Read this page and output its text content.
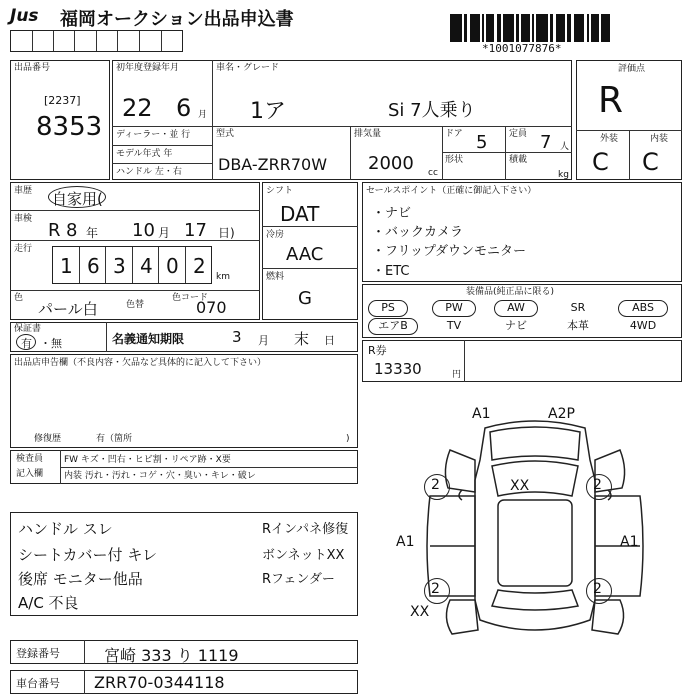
Jus 福岡オークション出品申込書
*1001077876*
出品番号
[2237]
8353
初年度登録年月
22 6 月
車名・グレード
1ア	Si 7人乗り
ディーラー・並 行
モデル年式 年
ハンドル 左・右
型式
DBA-ZRR70W
排気量
2000 cc
ドア 5
形状
定員 7 人
積載
kg
評価点
R
外装
C
内装
C
車歴 自家用(
車検
R 8 年 10 月 17 日)
走行
1 6 3 4 0 2 km
色
パール白	色替
色コード
070
シフト
DAT
冷房
AAC
燃料
G
セールスポイント（正確に御記入下さい）
・ナビ
・バックカメラ
・フリップダウンモニター
・ETC
装備品(純正品に限る)
PS	PW	AW	SR	ABS
エアB	TV	ナビ	本革	4WD
保証書
有 ・無	名義通知期限	3 月 末 日
R券
13330	円
出品店申告欄（不良内容・欠品など具体的に記入して下さい）
修復歴	有（箇所	)
検査員
記入欄
FW キズ・凹右・ヒビ割・リペア跡・X要
内装 汚れ・汚れ・コゲ・穴・臭い・キレ・破レ
ハンドル スレ	Rインパネ修復
シートカバー付 キレ	ボンネットXX
後席 モニター他品	Rフェンダー
A/C 不良
登録番号	宮崎 333 り 1119
車台番号 ZRR70-0344118
A1	A2P
XX
2	2
A1	A1
2	2
XX
